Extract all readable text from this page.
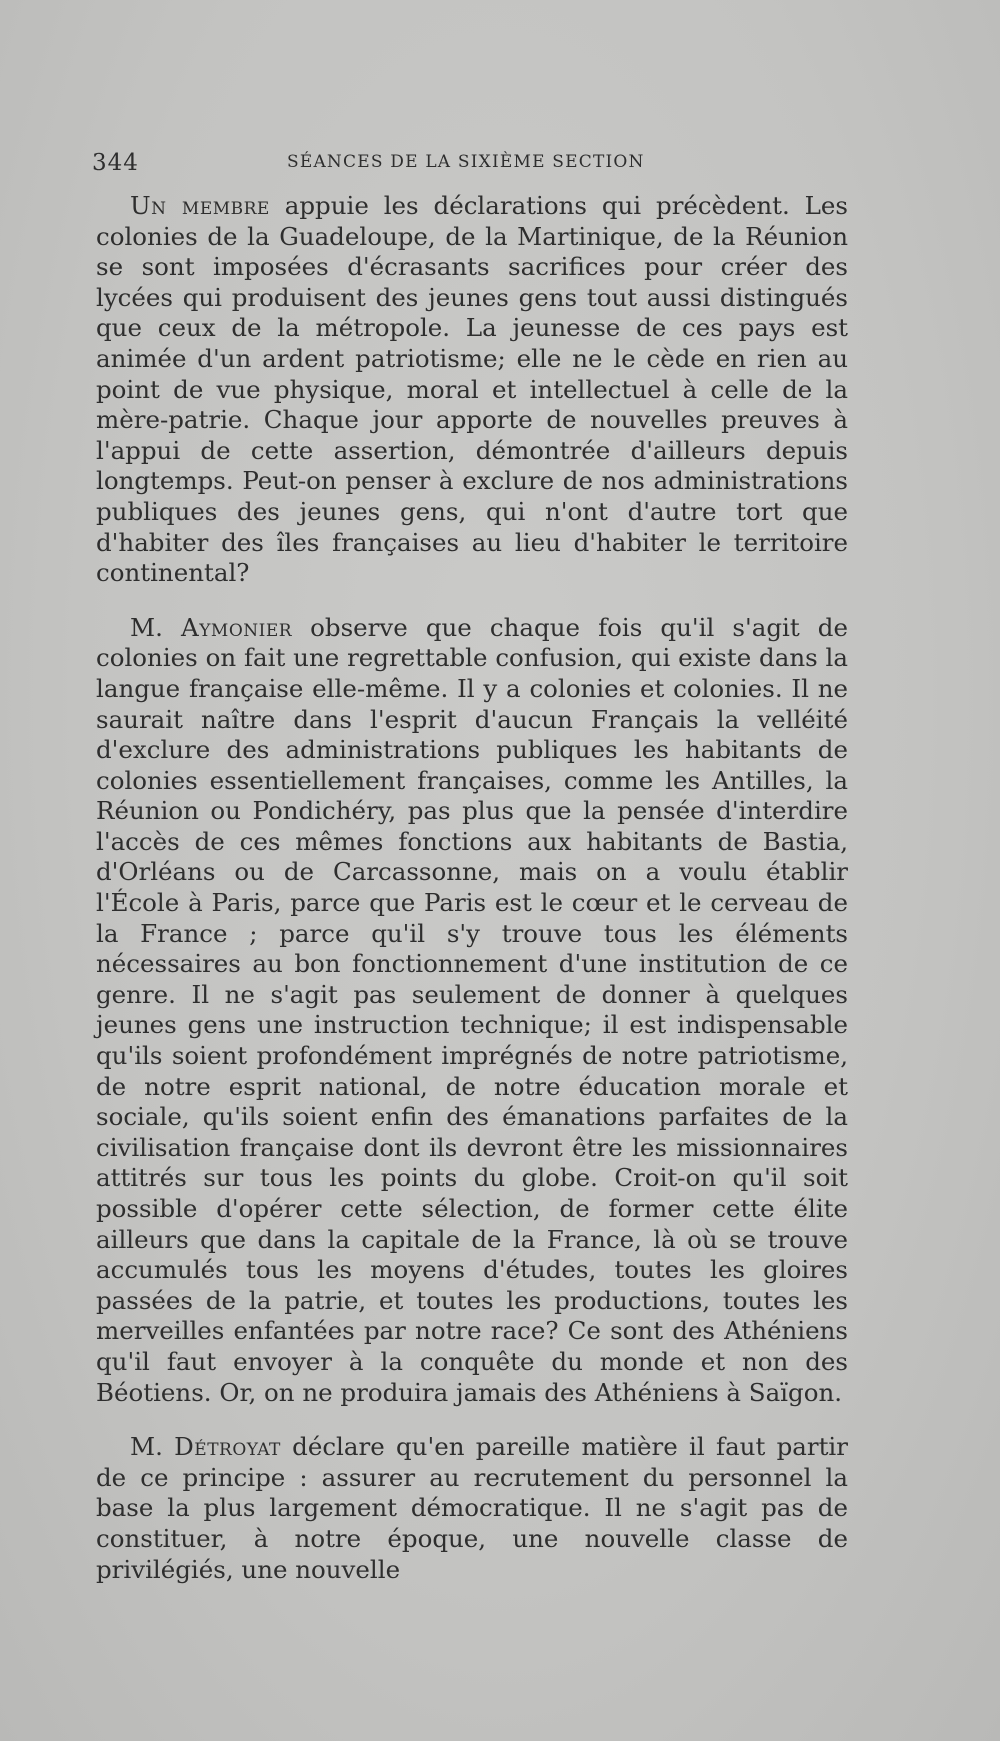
344	SÉANCES DE LA SIXIÈME SECTION

Un membre appuie les déclarations qui précèdent. Les colonies de la Guadeloupe, de la Martinique, de la Réunion se sont imposées d'écrasants sacrifices pour créer des lycées qui produisent des jeunes gens tout aussi distingués que ceux de la métropole. La jeunesse de ces pays est animée d'un ardent patriotisme; elle ne le cède en rien au point de vue physique, moral et intellectuel à celle de la mère-patrie. Chaque jour apporte de nouvelles preuves à l'appui de cette assertion, démontrée d'ailleurs depuis longtemps. Peut-on penser à exclure de nos administrations publiques des jeunes gens, qui n'ont d'autre tort que d'habiter des îles françaises au lieu d'habiter le territoire continental?

M. Aymonier observe que chaque fois qu'il s'agit de colonies on fait une regrettable confusion, qui existe dans la langue française elle-même. Il y a colonies et colonies. Il ne saurait naître dans l'esprit d'aucun Français la velléité d'exclure des administrations publiques les habitants de colonies essentiellement françaises, comme les Antilles, la Réunion ou Pondichéry, pas plus que la pensée d'interdire l'accès de ces mêmes fonctions aux habitants de Bastia, d'Orléans ou de Carcassonne, mais on a voulu établir l'École à Paris, parce que Paris est le cœur et le cerveau de la France ; parce qu'il s'y trouve tous les éléments nécessaires au bon fonctionnement d'une institution de ce genre. Il ne s'agit pas seulement de donner à quelques jeunes gens une instruction technique; il est indispensable qu'ils soient profondément imprégnés de notre patriotisme, de notre esprit national, de notre éducation morale et sociale, qu'ils soient enfin des émanations parfaites de la civilisation française dont ils devront être les missionnaires attitrés sur tous les points du globe. Croit-on qu'il soit possible d'opérer cette sélection, de former cette élite ailleurs que dans la capitale de la France, là où se trouve accumulés tous les moyens d'études, toutes les gloires passées de la patrie, et toutes les productions, toutes les merveilles enfantées par notre race? Ce sont des Athéniens qu'il faut envoyer à la conquête du monde et non des Béotiens. Or, on ne produira jamais des Athéniens à Saïgon.

M. Détroyat déclare qu'en pareille matière il faut partir de ce principe : assurer au recrutement du personnel la base la plus largement démocratique. Il ne s'agit pas de constituer, à notre époque, une nouvelle classe de privilégiés, une nouvelle
